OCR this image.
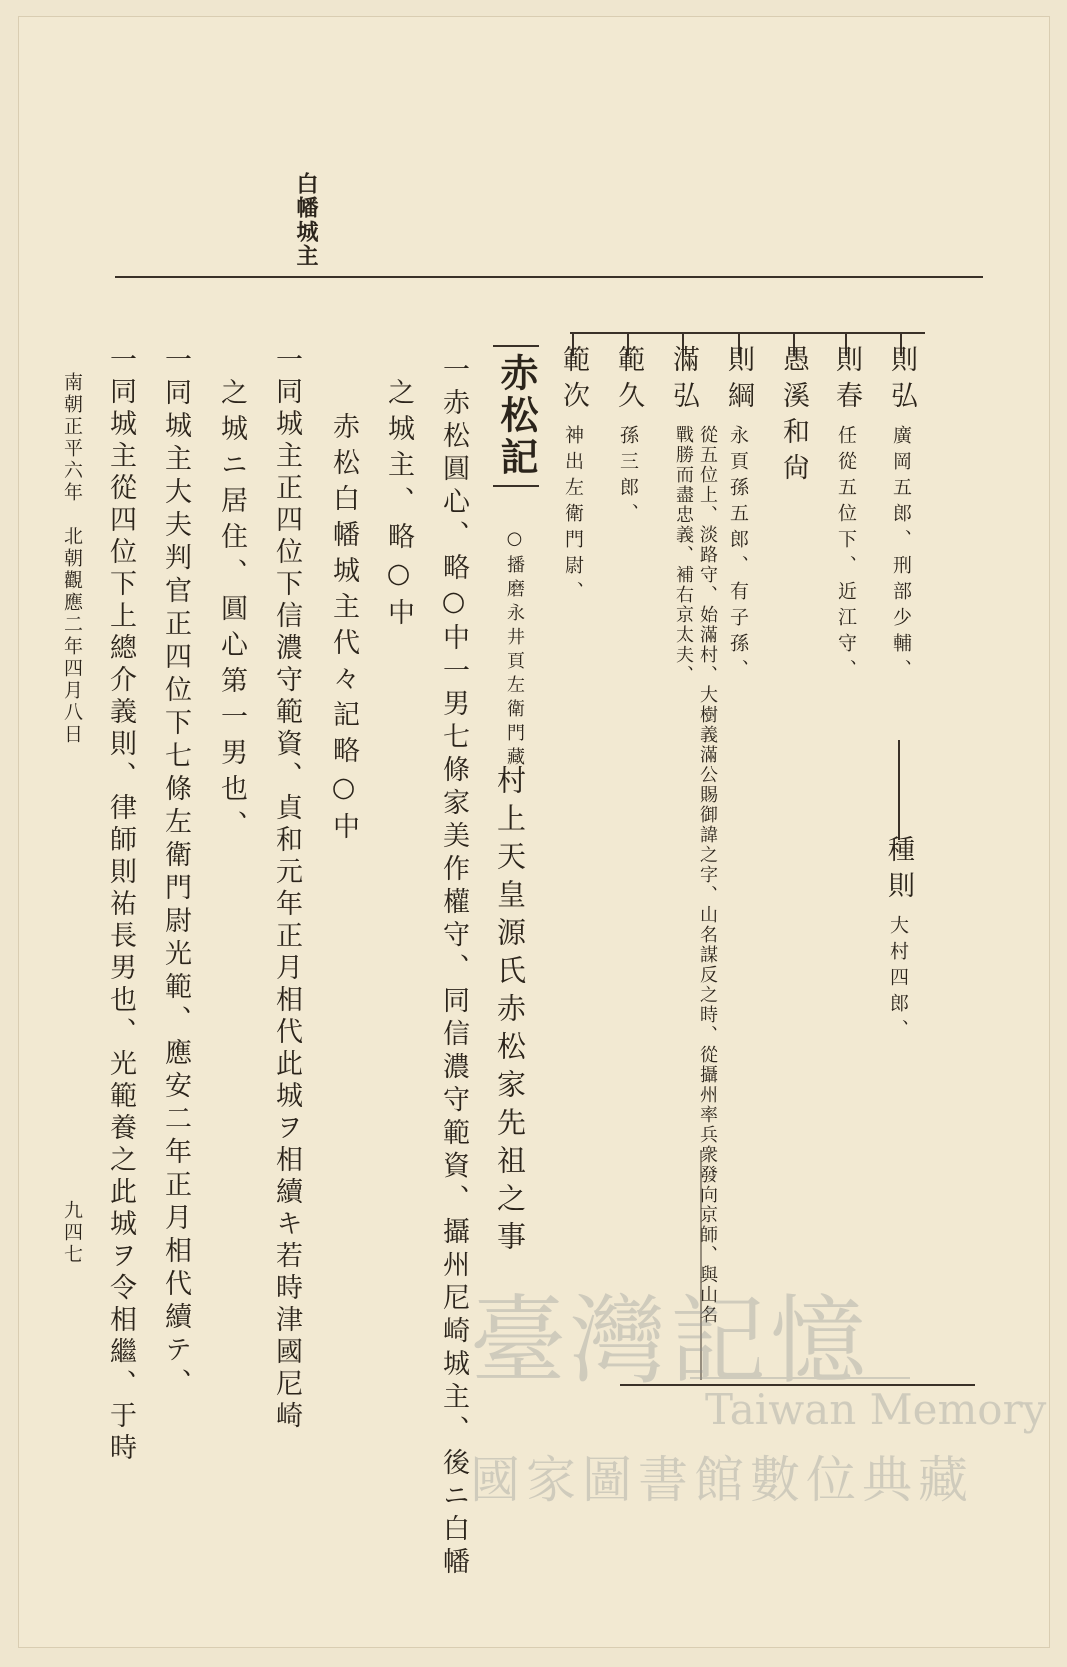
白幡城主
則弘廣岡五郎、刑部少輔、
則春任從五位下、近江守、
愚溪和尙
則綱永頁孫五郎、有子孫、
滿弘從五位上、淡路守、始滿村、大樹義滿公賜御諱之字、山名謀反之時、從攝州率兵衆發向京師、與山名戰勝而盡忠義、補右京太夫、
範久孫三郎、
範次神出左衛門尉、
種則大村四郎、
赤松記
○播磨永井頁左衛門藏
村上天皇源氏赤松家先祖之事
一赤松圓心、略○中一男七條家美作權守、同信濃守範資、攝州尼崎城主、後ニ白幡
之城主、略○中
赤松白幡城主代々記略○中
一同城主正四位下信濃守範資、貞和元年正月相代此城ヲ相續キ若時津國尼崎
之城ニ居住、圓心第一男也、
一同城主大夫判官正四位下七條左衛門尉光範、應安二年正月相代續テ、
一同城主從四位下上總介義則、律師則祐長男也、光範養之此城ヲ令相繼、于時
南朝正平六年　北朝觀應二年四月八日
九四七
臺灣記憶
Taiwan Memory
國家圖書館數位典藏
